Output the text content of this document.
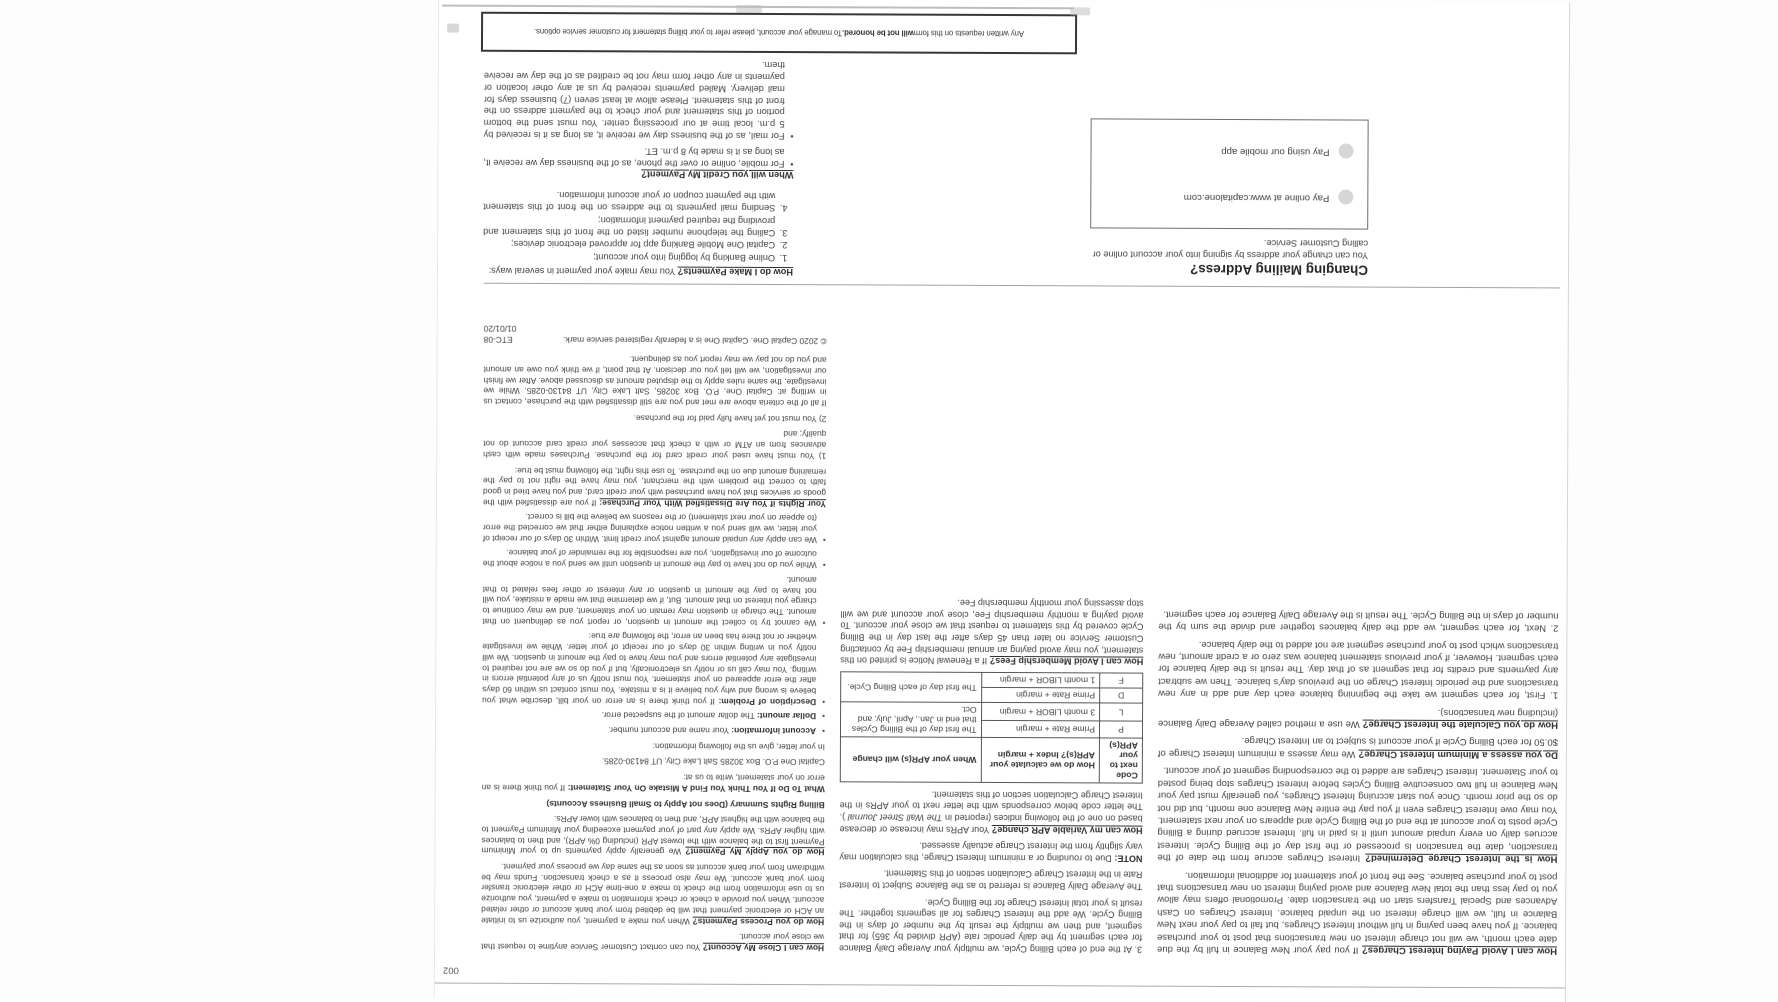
002

How can I Avoid Paying Interest Charges? If you pay your New Balance in full by the due date each month, we will not charge interest on new transactions that post to your purchase balance. If you have been paying in full without Interest Charges, but fail to pay your next New Balance in full, we will charge interest on the unpaid balance. Interest Charges on Cash Advances and Special Transfers start on the transaction date. Promotional offers may allow you to pay less than the total New Balance and avoid paying interest on new transactions that post to your purchase balance. See the front of your statement for additional information.

How is the Interest Charge Determined? Interest Charges accrue from the date of the transaction, date the transaction is processed or the first day of the Billing Cycle. Interest accrues daily on every unpaid amount until it is paid in full. Interest accrued during a Billing Cycle posts to your account at the end of the Billing Cycle and appears on your next statement. You may owe Interest Charges even if you pay the entire New Balance one month, but did not do so the prior month. Once you start accruing Interest Charges, you generally must pay your New Balance in full two consecutive Billing Cycles before Interest Charges stop being posted to your Statement. Interest Charges are added to the corresponding segment of your account.

Do you assess a Minimum Interest Charge? We may assess a minimum Interest Charge of $0.50 for each Billing Cycle if your account is subject to an Interest Charge.

How do you Calculate the Interest Charge? We use a method called Average Daily Balance (including new transactions).

1. First, for each segment we take the beginning balance each day and add in any new transactions and the periodic Interest Charge on the previous day's balance. Then we subtract any payments and credits for that segment as of that day. The result is the daily balance for each segment. However, if your previous statement balance was zero or a credit amount, new transactions which post to your purchase segment are not added to the daily balance.

2. Next, for each segment, we add the daily balances together and divide the sum by the number of days in the Billing Cycle. The result is the Average Daily Balance for each segment.

3. At the end of each Billing Cycle, we multiply your Average Daily Balance for each segment by the daily periodic rate (APR divided by 365) for that segment, and then we multiply the result by the number of days in the Billing Cycle. We add the Interest Charges for all segments together. The result is your total Interest Charge for the Billing Cycle.

The Average Daily Balance is referred to as the Balance Subject to Interest Rate in the Interest Charge Calculation section of this Statement.

NOTE: Due to rounding or a minimum Interest Charge, this calculation may vary slightly from the Interest Charge actually assessed.

How can my Variable APR change? Your APRs may increase or decrease based on one of the following indices (reported in The Wall Street Journal ). The letter code below corresponds with the letter next to your APRs in the Interest Charge Calculation section of this statement.

Code next to your APR(s)	How do we calculate your APR(s)? Index + margin	When your APR(s) will change
P	Prime Rate + margin	The first day of the Billing Cycles that end in Jan., April, July, and Oct.
L	3 month LIBOR + margin	
D	Prime Rate + margin	The first day of each Billing Cycle.
F	1 month LIBOR + margin	

How can I Avoid Membership Fees? If a Renewal Notice is printed on this statement, you may avoid paying an annual membership Fee by contacting Customer Service no later than 45 days after the last day in the Billing Cycle covered by this statement to request that we close your account. To avoid paying a monthly membership Fee, close your account and we will stop assessing your monthly membership Fee.

How can I Close My Account? You can contact Customer Service anytime to request that we close your account.

How do you Process Payments? When you make a payment, you authorize us to initiate an ACH or electronic payment that will be debited from your bank account or other related account. When you provide a check or check information to make a payment, you authorize us to use information from the check to make a one-time ACH or other electronic transfer from your bank account. We may also process it as a check transaction. Funds may be withdrawn from your bank account as soon as the same day we process your payment.

How do you Apply My Payment? We generally apply payments up to your Minimum Payment first to the balance with the lowest APR (including 0% APR), and then to balances with higher APRs. We apply any part of your payment exceeding your Minimum Payment to the balance with the highest APR, and then to balances with lower APRs.

Billing Rights Summary (Does not Apply to Small Business Accounts)

What To Do If You Think You Find A Mistake On Your Statement: If you think there is an error on your statement, write to us at:

Capital One P.O. Box 30285 Salt Lake City, UT 84130-0285.

In your letter, give us the following information:

•
Account information: Your name and account number.
•
Dollar amount: The dollar amount of the suspected error.
•
Description of Problem: If you think there is an error on your bill, describe what you believe is wrong and why you believe it is a mistake. You must contact us within 60 days after the error appeared on your statement. You must notify us of any potential errors in writing. You may call us or notify us electronically, but if you do so we are not required to investigate any potential errors and you may have to pay the amount in question. We will notify you in writing within 30 days of our receipt of your letter. While we investigate whether or not there has been an error, the following are true:
•
We cannot try to collect the amount in question, or report you as delinquent on that amount. The charge in question may remain on your statement, and we may continue to charge you interest on that amount. But, if we determine that we made a mistake, you will not have to pay the amount in question or any interest or other fees related to that amount.
•
While you do not have to pay the amount in question until we send you a notice about the outcome of our investigation, you are responsible for the remainder of your balance.
•
We can apply any unpaid amount against your credit limit. Within 30 days of our receipt of your letter, we will send you a written notice explaining either that we corrected the error (to appear on your next statement) or the reasons we believe the bill is correct.

Your Rights if You Are Dissatisfied With Your Purchase: If you are dissatisfied with the goods or services that you have purchased with your credit card, and you have tried in good faith to correct the problem with the merchant, you may have the right not to pay the remaining amount due on the purchase. To use this right, the following must be true:

1) You must have used your credit card for the purchase. Purchases made with cash advances from an ATM or with a check that accesses your credit card account do not qualify; and

2) You must not yet have fully paid for the purchase.

If all of the criteria above are met and you are still dissatisfied with the purchase, contact us in writing at: Capital One, P.O. Box 30285, Salt Lake City, UT 84130-0285. While we investigate, the same rules apply to the disputed amount as discussed above. After we finish our investigation, we will tell you our decision. At that point, if we think you owe an amount and you do not pay we may report you as delinquent.

© 2020 Capital One. Capital One is a federally registered service mark.
ETC-08
01/01/20
Changing Mailing Address?

You can change your address by signing into your account online or calling Customer Service.

Pay online at www.capitalone.com
Pay using our mobile app

How do I Make Payments? You may make your payment in several ways:

1. Online Banking by logging into your account;
2. Capital One Mobile Banking app for approved electronic devices;
3. Calling the telephone number listed on the front of this statement and providing the required payment information;
4. Sending mail payments to the address on the front of this statement with the payment coupon or your account information.

When will you Credit My Payment?

•
For mobile, online or over the phone, as of the business day we receive it, as long as it is made by 8 p.m. ET.
•
For mail, as of the business day we receive it, as long as it is received by 5 p.m. local time at our processing center. You must send the bottom portion of this statement and your check to the payment address on the front of this statement. Please allow at least seven (7) business days for mail delivery. Mailed payments received by us at any other location or payments in any other form may not be credited as of the day we receive them.
Any written requests on this form
will not be honored.
To manage your account, please refer to your billing statement for customer service options.
